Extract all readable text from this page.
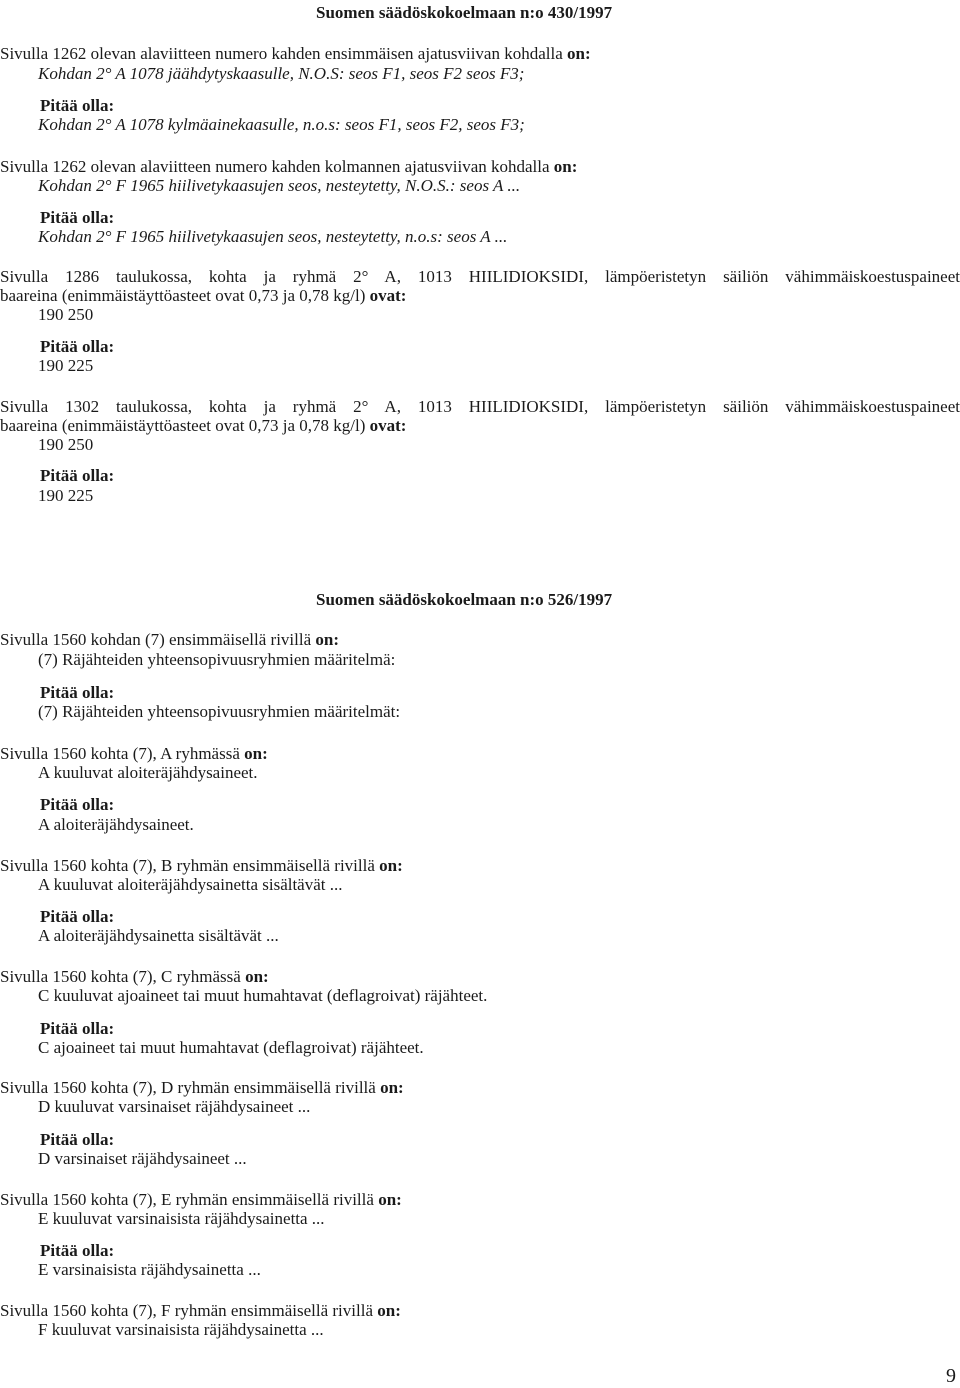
Suomen säädöskokoelmaan n:o 430/1997
Sivulla 1262 olevan alaviitteen numero kahden ensimmäisen ajatusviivan kohdalla on:
Kohdan 2° A 1078 jäähdytyskaasulle, N.O.S: seos F1, seos F2 seos F3;
Pitää olla:
Kohdan 2° A 1078 kylmäainekaasulle, n.o.s: seos F1, seos F2, seos F3;
Sivulla 1262 olevan alaviitteen numero kahden kolmannen ajatusviivan kohdalla on:
Kohdan 2° F 1965 hiilivetykaasujen seos, nesteytetty, N.O.S.: seos A ...
Pitää olla:
Kohdan 2° F 1965 hiilivetykaasujen seos, nesteytetty, n.o.s: seos A ...
Sivulla 1286 taulukossa, kohta ja ryhmä 2° A, 1013 HIILIDIOKSIDI, lämpöeristetyn säiliön vähimmäiskoestuspaineet
baareina (enimmäistäyttöasteet ovat 0,73 ja 0,78 kg/l) ovat:
190 250
Pitää olla:
190 225
Sivulla 1302 taulukossa, kohta ja ryhmä 2° A, 1013 HIILIDIOKSIDI, lämpöeristetyn säiliön vähimmäiskoestuspaineet
baareina (enimmäistäyttöasteet ovat 0,73 ja 0,78 kg/l) ovat:
190 250
Pitää olla:
190 225
Suomen säädöskokoelmaan n:o 526/1997
Sivulla 1560 kohdan (7) ensimmäisellä rivillä on:
(7) Räjähteiden yhteensopivuusryhmien määritelmä:
Pitää olla:
(7) Räjähteiden yhteensopivuusryhmien määritelmät:
Sivulla 1560 kohta (7), A ryhmässä on:
A kuuluvat aloiteräjähdysaineet.
Pitää olla:
A aloiteräjähdysaineet.
Sivulla 1560 kohta (7), B ryhmän ensimmäisellä rivillä on:
A kuuluvat aloiteräjähdysainetta sisältävät ...
Pitää olla:
A aloiteräjähdysainetta sisältävät ...
Sivulla 1560 kohta (7), C ryhmässä on:
C kuuluvat ajoaineet tai muut humahtavat (deflagroivat) räjähteet.
Pitää olla:
C ajoaineet tai muut humahtavat (deflagroivat) räjähteet.
Sivulla 1560 kohta (7), D ryhmän ensimmäisellä rivillä on:
D kuuluvat varsinaiset räjähdysaineet ...
Pitää olla:
D varsinaiset räjähdysaineet ...
Sivulla 1560 kohta (7), E ryhmän ensimmäisellä rivillä on:
E kuuluvat varsinaisista räjähdysainetta ...
Pitää olla:
E varsinaisista räjähdysainetta ...
Sivulla 1560 kohta (7), F ryhmän ensimmäisellä rivillä on:
F kuuluvat varsinaisista räjähdysainetta ...
9
